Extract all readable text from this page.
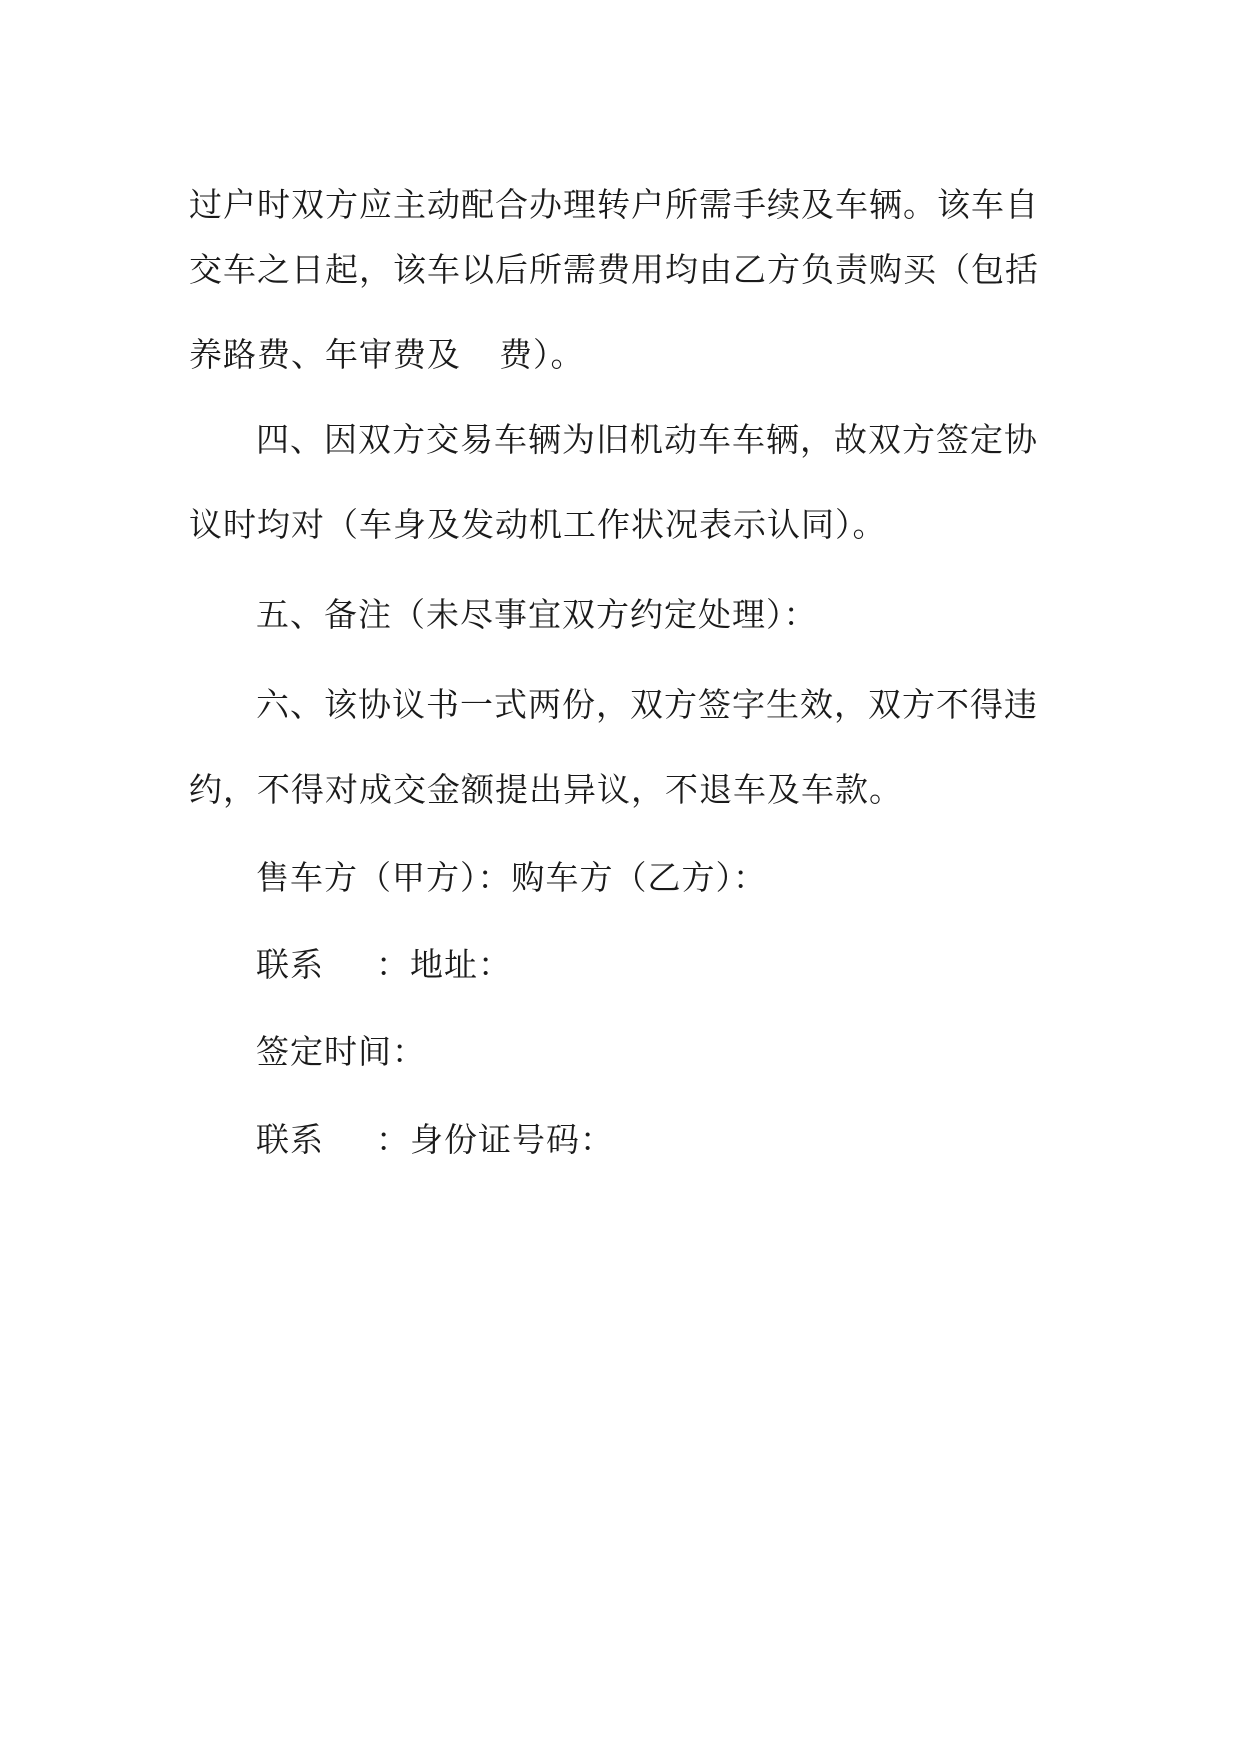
过户时双方应主动配合办理转户所需手续及车辆。该车自
交车之日起，该车以后所需费用均由乙方负责购买（包括
养路费、年审费及 费）。
四、因双方交易车辆为旧机动车车辆，故双方签定协
议时均对（车身及发动机工作状况表示认同）。
五、备注（未尽事宜双方约定处理）：
六、该协议书一式两份，双方签字生效，双方不得违
约，不得对成交金额提出异议，不退车及车款。
售车方（甲方）：购车方（乙方）：
联系 ：地址：
签定时间：
联系 ：身份证号码：
